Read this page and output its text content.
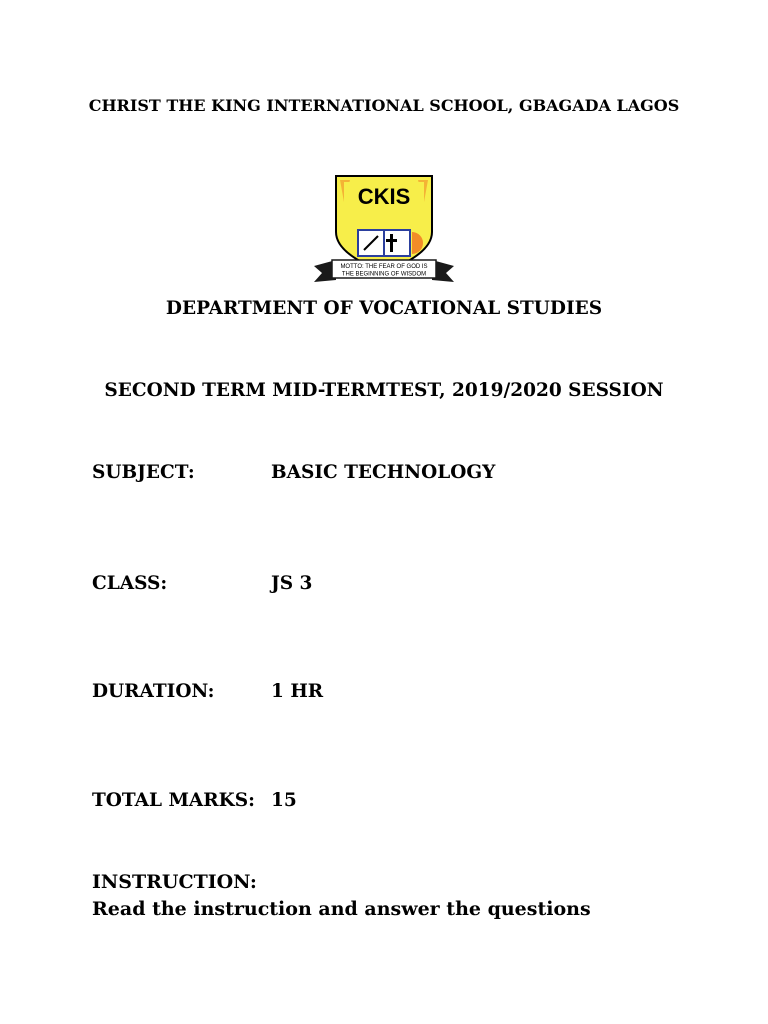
CHRIST THE KING INTERNATIONAL SCHOOL, GBAGADA LAGOS
CKIS
MOTTO: THE FEAR OF GOD IS
THE BEGINNING OF WISDOM
DEPARTMENT OF VOCATIONAL STUDIES
SECOND TERM MID-TERMTEST, 2019/2020 SESSION
SUBJECT:	BASIC TECHNOLOGY
CLASS:	JS 3
DURATION:	1 HR
TOTAL MARKS: 15
INSTRUCTION:
Read the instruction and answer the questions
